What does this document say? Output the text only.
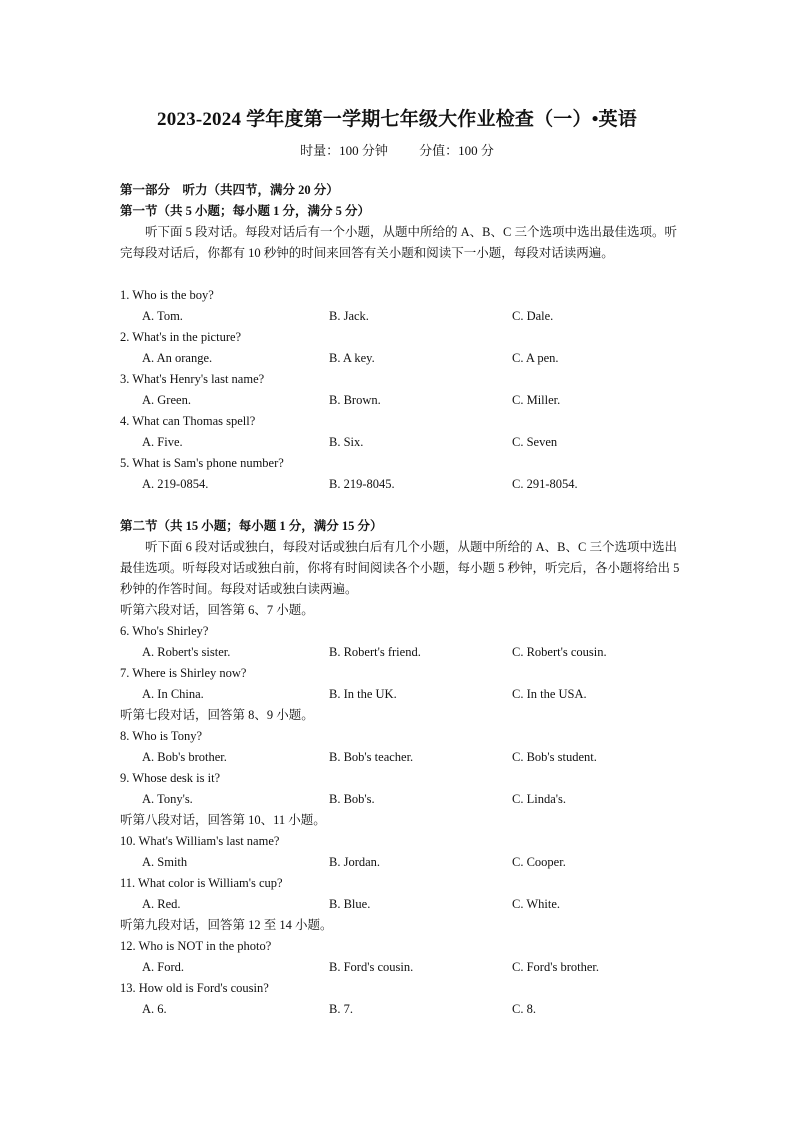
2023-2024 学年度第一学期七年级大作业检查（一）•英语
时量：100 分钟 分值：100 分
第一部分　听力（共四节，满分 20 分）
第一节（共 5 小题；每小题 1 分，满分 5 分）
听下面 5 段对话。每段对话后有一个小题，从题中所给的 A、B、C 三个选项中选出最佳选项。听完每段对话后，你都有 10 秒钟的时间来回答有关小题和阅读下一小题，每段对话读两遍。
1. Who is the boy?
A. Tom.	B. Jack.	C. Dale.
2. What's in the picture?
A. An orange.	B. A key.	C. A pen.
3. What's Henry's last name?
A. Green.	B. Brown.	C. Miller.
4. What can Thomas spell?
A. Five.	B. Six.	C. Seven
5. What is Sam's phone number?
A. 219-0854.	B. 219-8045.	C. 291-8054.
第二节（共 15 小题；每小题 1 分，满分 15 分）
听下面 6 段对话或独白，每段对话或独白后有几个小题，从题中所给的 A、B、C 三个选项中选出最佳选项。听每段对话或独白前，你将有时间阅读各个小题，每小题 5 秒钟，听完后，各小题将给出 5 秒钟的作答时间。每段对话或独白读两遍。
听第六段对话，回答第 6、7 小题。
6. Who's Shirley?
A. Robert's sister.	B. Robert's friend.	C. Robert's cousin.
7. Where is Shirley now?
A. In China.	B. In the UK.	C. In the USA.
听第七段对话，回答第 8、9 小题。
8. Who is Tony?
A. Bob's brother.	B. Bob's teacher.	C. Bob's student.
9. Whose desk is it?
A. Tony's.	B. Bob's.	C. Linda's.
听第八段对话，回答第 10、11 小题。
10. What's William's last name?
A. Smith	B. Jordan.	C. Cooper.
11. What color is William's cup?
A. Red.	B. Blue.	C. White.
听第九段对话，回答第 12 至 14 小题。
12. Who is NOT in the photo?
A. Ford.	B. Ford's cousin.	C. Ford's brother.
13. How old is Ford's cousin?
A. 6.	B. 7.	C. 8.
